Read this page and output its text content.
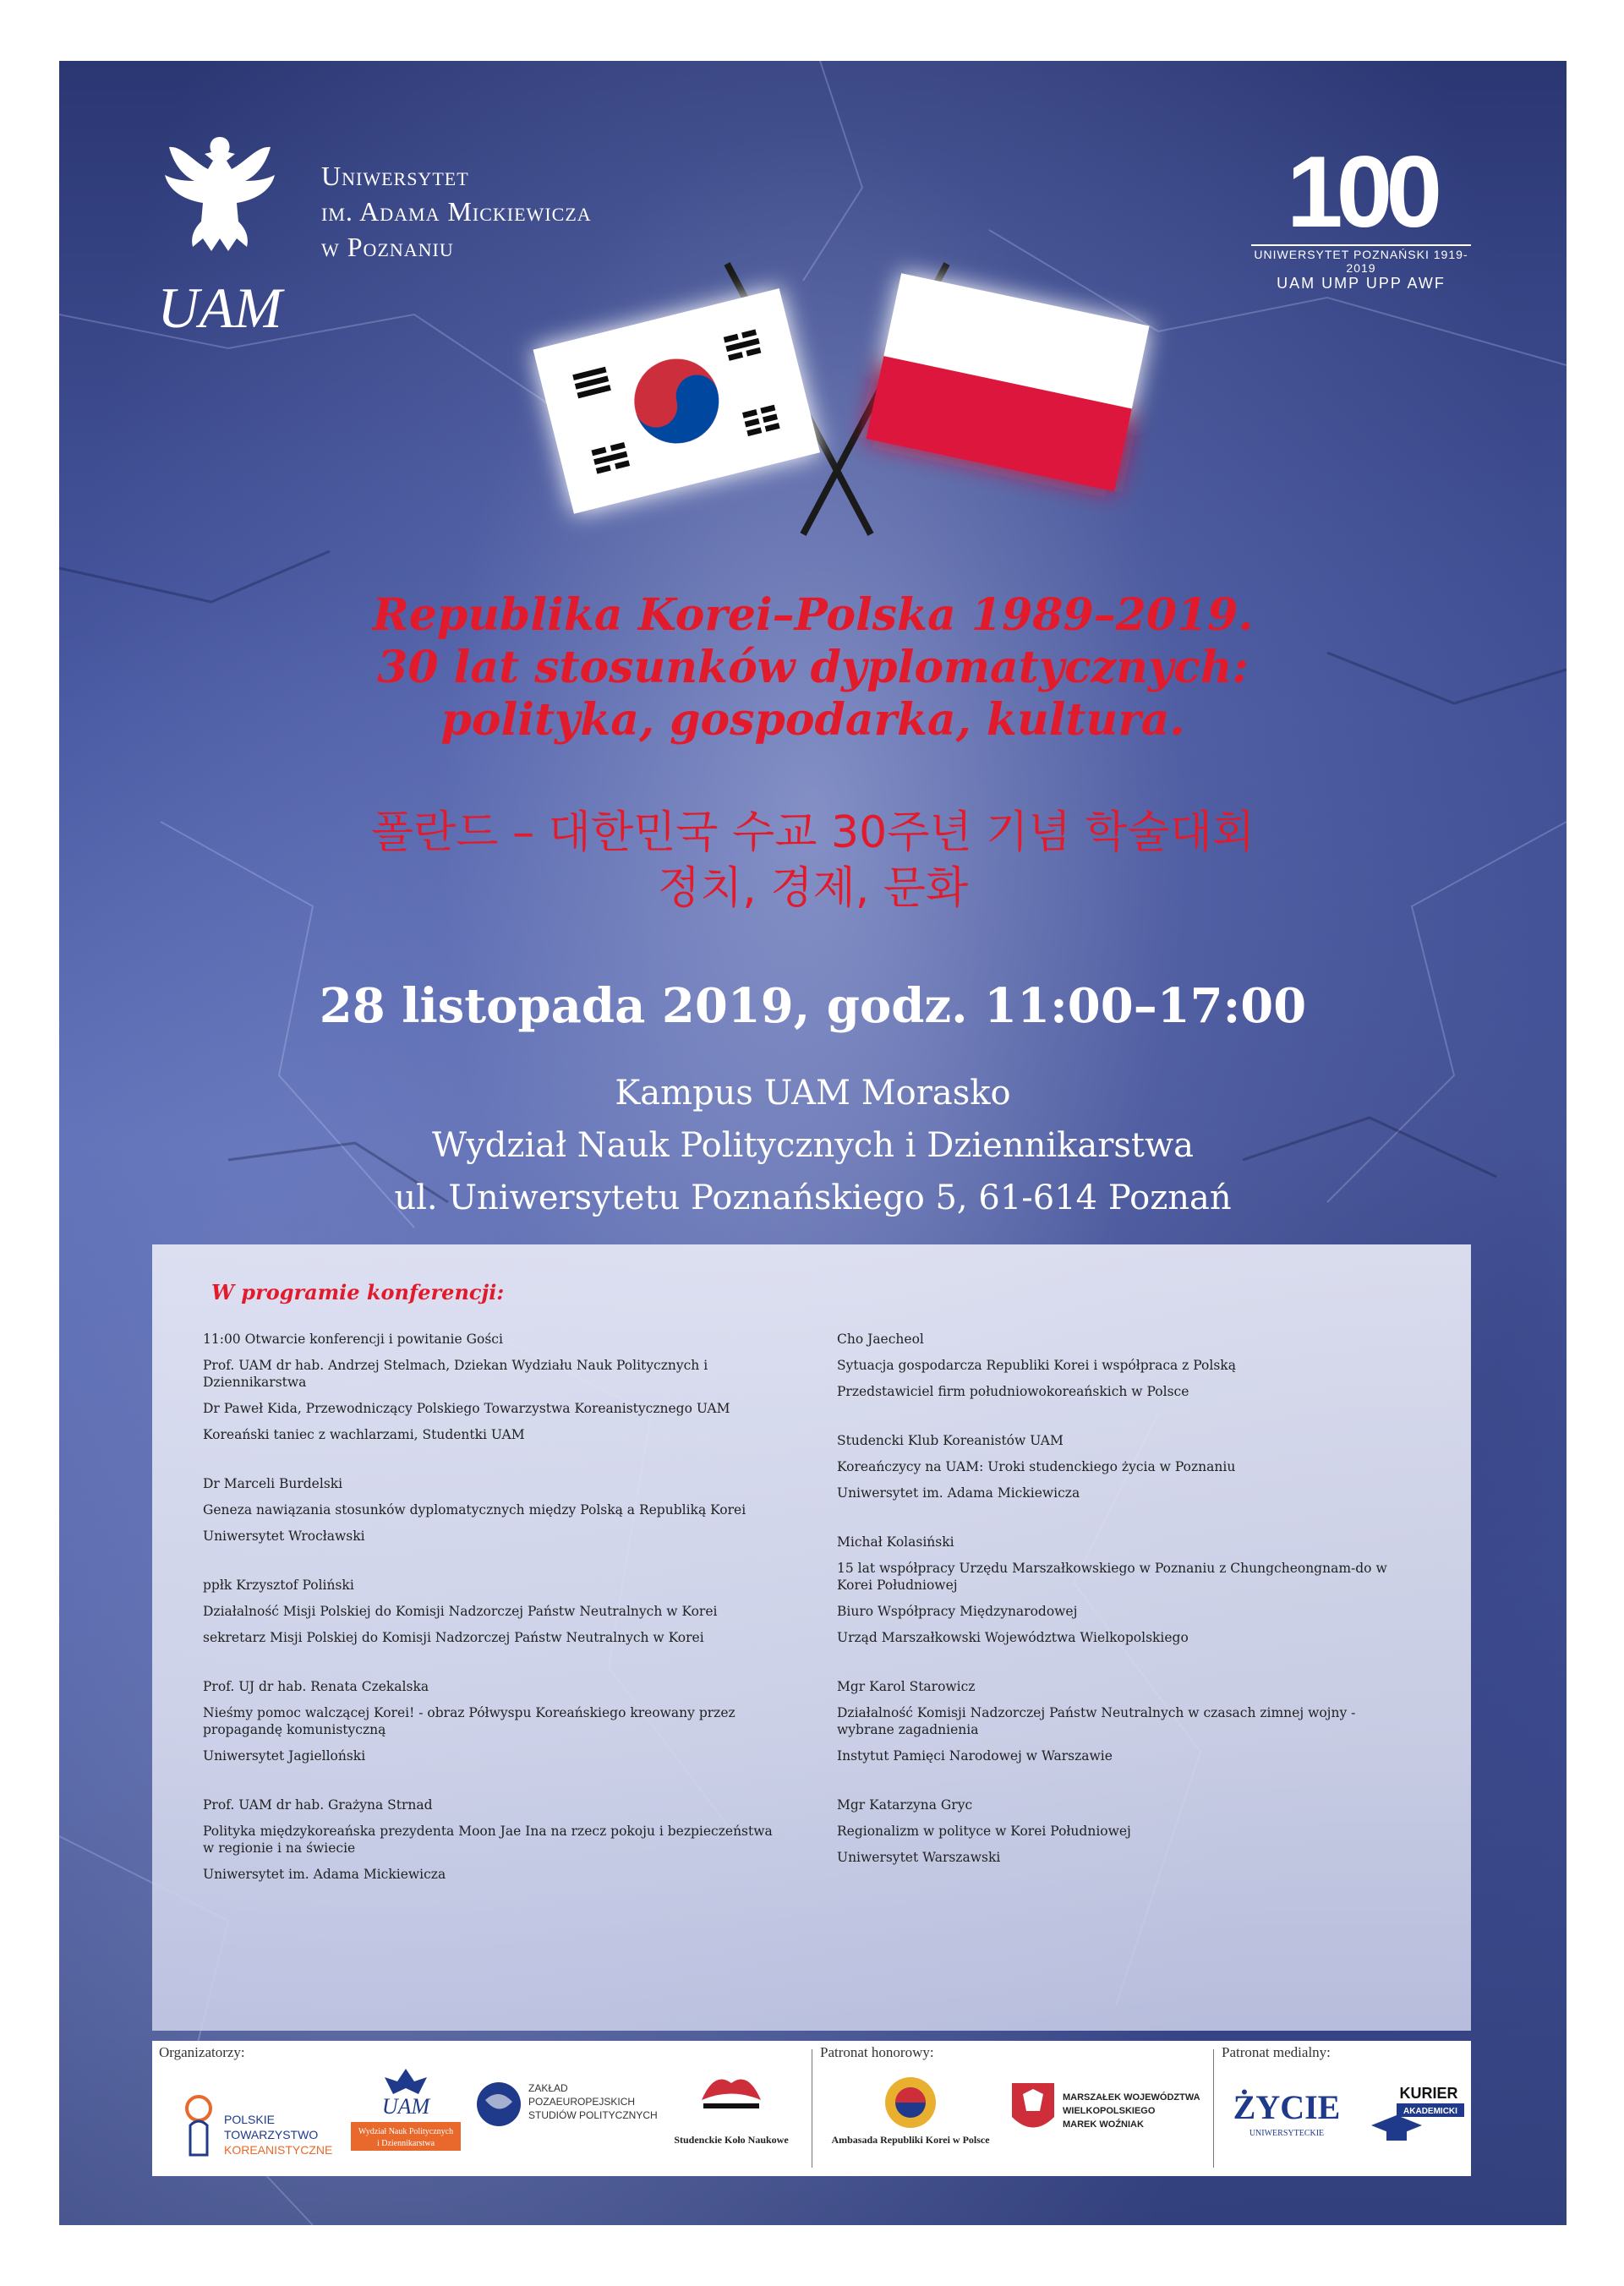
UAM
Uniwersytet
im. Adama Mickiewicza
w Poznaniu	100
UNIWERSYTET POZNAŃSKI 1919-2019
UAM UMP UPP AWF
Republika Korei–Polska 1989–2019.
30 lat stosunków dyplomatycznych:
polityka, gospodarka, kultura.
폴란드 – 대한민국 수교 30주년 기념 학술대회
정치, 경제, 문화
28 listopada 2019, godz. 11:00–17:00
Kampus UAM Morasko
Wydział Nauk Politycznych i Dziennikarstwa
ul. Uniwersytetu Poznańskiego 5, 61-614 Poznań
W programie konferencji:
11:00 Otwarcie konferencji i powitanie Gości
Prof. UAM dr hab. Andrzej Stelmach, Dziekan Wydziału Nauk Politycznych i Dziennikarstwa
Dr Paweł Kida, Przewodniczący Polskiego Towarzystwa Koreanistycznego UAM
Koreański taniec z wachlarzami, Studentki UAM
Dr Marceli Burdelski
Geneza nawiązania stosunków dyplomatycznych między Polską a Republiką Korei
Uniwersytet Wrocławski
ppłk Krzysztof Poliński
Działalność Misji Polskiej do Komisji Nadzorczej Państw Neutralnych w Korei
sekretarz Misji Polskiej do Komisji Nadzorczej Państw Neutralnych w Korei
Prof. UJ dr hab. Renata Czekalska
Nieśmy pomoc walczącej Korei! - obraz Półwyspu Koreańskiego kreowany przez propagandę komunistyczną
Uniwersytet Jagielloński
Prof. UAM dr hab. Grażyna Strnad
Polityka międzykoreańska prezydenta Moon Jae Ina na rzecz pokoju i bezpieczeństwa w regionie i na świecie
Uniwersytet im. Adama Mickiewicza
Cho Jaecheol
Sytuacja gospodarcza Republiki Korei i współpraca z Polską
Przedstawiciel firm południowokoreańskich w Polsce
Studencki Klub Koreanistów UAM
Koreańczycy na UAM: Uroki studenckiego życia w Poznaniu
Uniwersytet im. Adama Mickiewicza
Michał Kolasiński
15 lat współpracy Urzędu Marszałkowskiego w Poznaniu z Chungcheongnam-do w Korei Południowej
Biuro Współpracy Międzynarodowej
Urząd Marszałkowski Województwa Wielkopolskiego
Mgr Karol Starowicz
Działalność Komisji Nadzorczej Państw Neutralnych w czasach zimnej wojny - wybrane zagadnienia
Instytut Pamięci Narodowej w Warszawie
Mgr Katarzyna Gryc
Regionalizm w polityce w Korei Południowej
Uniwersytet Warszawski
Organizatorzy:
POLSKIE
TOWARZYSTWO
KOREANISTYCZNE
UAM
Wydział Nauk Politycznych
i Dziennikarstwa
ZAKŁAD
POZAEUROPEJSKICH
STUDIÓW POLITYCZNYCH
Studenckie Koło Naukowe
Patronat honorowy:
Ambasada Republiki Korei w Polsce
MARSZAŁEK WOJEWÓDZTWA
WIELKOPOLSKIEGO
MAREK WOŹNIAK
Patronat medialny:
ŻYCIE
UNIWERSYTECKIE
KURIER
AKADEMICKI
